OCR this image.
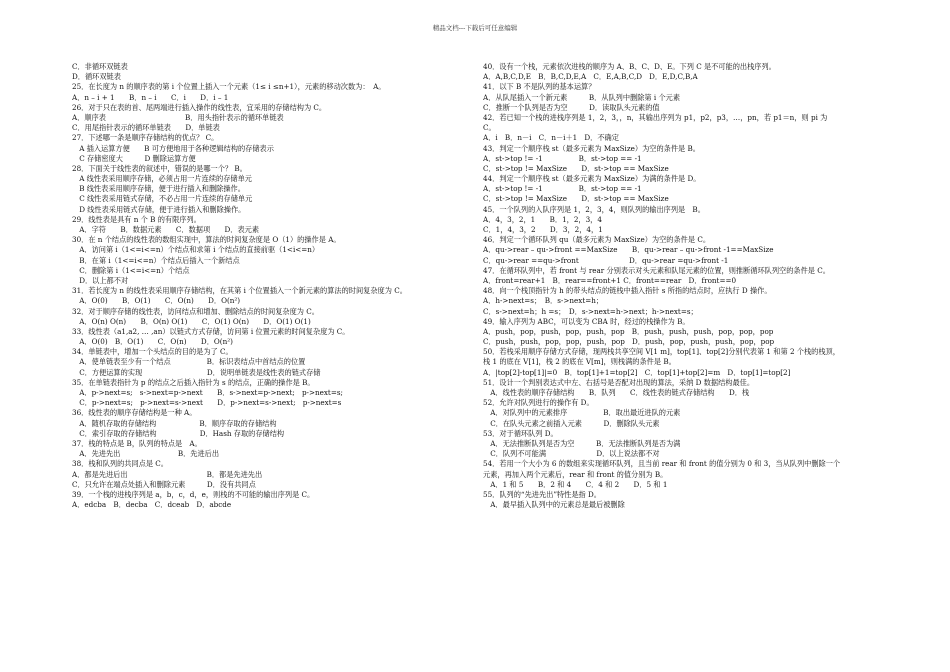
精品文档---下载后可任意编辑
C．非循环双链表
D．循环双链表
25．在长度为 n 的顺序表的第 i 个位置上插入一个元素（1≤ i ≤n+1），元素的移动次数为：　A。
A．n – i + 1　　B．n – i　　C．i　　D．i – 1
26．对于只在表的首、尾两端进行插入操作的线性表，宜采用的存储结构为 C。
A．顺序表　　　　　　　　　　　B．用头指针表示的循环单链表
C．用尾指针表示的循环单链表　　D．单链表
27．下述哪一条是顺序存储结构的优点？ C。
　A 插入运算方便　　B 可方便地用于各种逻辑结构的存储表示
　C 存储密度大　　　D 删除运算方便
28．下面关于线性表的叙述中，错误的是哪一个？ B。
　A 线性表采用顺序存储，必须占用一片连续的存储单元
　B 线性表采用顺序存储，便于进行插入和删除操作。
　C 线性表采用链式存储，不必占用一片连续的存储单元
　D 线性表采用链式存储，便于进行插入和删除操作。
29．线性表是具有 n 个 B 的有限序列。
　A．字符　　B．数据元素　　C．数据项　　D．表元素
30．在 n 个结点的线性表的数组实现中，算法的时间复杂度是 O（1）的操作是 A。
　A．访问第 i（1<=i<=n）个结点和求第 i 个结点的直接前驱（1<i<=n）
　B．在第 i（1<=i<=n）个结点后插入一个新结点
　C．删除第 i（1<=i<=n）个结点
　D．以上都不对
31．若长度为 n 的线性表采用顺序存储结构，在其第 i 个位置插入一个新元素的算法的时间复杂度为 C。
　A．O(0)　　B．O(1)　　C．O(n)　　D．O(n²)
32．对于顺序存储的线性表，访问结点和增加、删除结点的时间复杂度为 C。
　A．O(n) O(n)　　B．O(n) O(1)　　C．O(1) O(n)　　D．O(1) O(1)
33．线性表（a1,a2, … ,an）以链式方式存储，访问第 i 位置元素的时间复杂度为 C。
　A．O(0)　B．O(1)　　C．O(n)　　D．O(n²)
34．单链表中，增加一个头结点的目的是为了 C。
　A．使单链表至少有一个结点　　　　　B．标识表结点中首结点的位置
　C．方便运算的实现　　　　　　　　　D．说明单链表是线性表的链式存储
35．在单链表指针为 p 的结点之后插入指针为 s 的结点，正确的操作是 B。
　A．p->next=s;　s->next=p->next　　B．s->next=p->next;　p->next=s;
　C．p->next=s;　p->next=s->next　　D．p->next=s->next;　p->next=s
36．线性表的顺序存储结构是一种 A。
　A．随机存取的存储结构　　　　　　B．顺序存取的存储结构
　C．索引存取的存储结构　　　　　　D．Hash 存取的存储结构
37．栈的特点是 B，队列的特点是　A。
　A．先进先出　　　　　　　　B．先进后出
38．栈和队列的共同点是 C。
A．都是先进后出　　　　　　　　　　　B．都是先进先出
C．只允许在端点处插入和删除元素　　　D．没有共同点
39．一个栈的进栈序列是 a，b，c，d，e，则栈的不可能的输出序列是 C。
A．edcba　B．decba　C．dceab　D．abcde
40．设有一个栈，元素依次进栈的顺序为 A、B、C、D、E。下列 C 是不可能的出栈序列。
A．A,B,C,D,E　B．B,C,D,E,A　C．E,A,B,C,D　D．E,D,C,B,A
41．以下 B 不是队列的基本运算？
A．从队尾插入一个新元素　　　B．从队列中删除第 i 个元素
C．推断一个队列是否为空　　　D．读取队头元素的值
42．若已知一个栈的进栈序列是 1，2，3，，n，其输出序列为 p1，p2，p3，…，pn，若 p1＝n，则 pi 为
C。
A．i　B．n－i　C．n－i＋1　D．不确定
43．判定一个顺序栈 st（最多元素为 MaxSize）为空的条件是 B。
A．st->top != -1　　　　　B．st->top == -1
C．st->top != MaxSize　　D．st->top == MaxSize
44．判定一个顺序栈 st（最多元素为 MaxSize）为满的条件是 D。
A．st->top != -1　　　　　B．st->top == -1
C．st->top != MaxSize　　D．st->top == MaxSize
45．一个队列的入队序列是 1，2，3，4，则队列的输出序列是　B。
A．4，3，2，1　　B．1，2，3，4
C．1，4，3，2　　D．3，2，4，1
46．判定一个循环队列 qu（最多元素为 MaxSize）为空的条件是 C。
A．qu->rear – qu->front ==MaxSize　　B．qu->rear – qu->front -1==MaxSize
C．qu->rear ==qu->front　　　　　　　D．qu->rear =qu->front -1
47．在循环队列中，若 front 与 rear 分别表示对头元素和队尾元素的位置，则推断循环队列空的条件是 C。
A．front=rear+1　B．rear==front+1 C．front==rear　D．front==0
48．向一个栈顶指针为 h 的带头结点的链栈中插入指针 s 所指的结点时，应执行 D 操作。
A．h->next=s；　B．s->next=h；
C．s->next=h；h =s；　D．s->next=h->next；h->next=s；
49．输入序列为 ABC，可以变为 CBA 时，经过的栈操作为 B。
A．push，pop，push，pop，push，pop　B．push，push，push，pop，pop，pop
C．push，push，pop，pop，push，pop　D．push，pop，push，push，pop，pop
50．若栈采用顺序存储方式存储，现两栈共享空间 V[1 m]，top[1]、top[2]分别代表第 1 和第 2 个栈的栈顶，
栈 1 的底在 V[1]，栈 2 的底在 V[m]，则栈满的条件是 B。
A．|top[2]-top[1]|=0　B．top[1]+1=top[2]　C．top[1]+top[2]=m　D．top[1]=top[2]
51．设计一个判别表达式中左、右括号是否配对出现的算法，采纳 D 数据结构最佳。
　A．线性表的顺序存储结构　　B．队列　　C．线性表的链式存储结构　　D．栈
52．允许对队列进行的操作有 D。
　A．对队列中的元素排序　　　　　B．取出最近进队的元素
　C．在队头元素之前插入元素　　　D．删除队头元素
53．对于循环队列 D。
　A．无法推断队列是否为空　　　B．无法推断队列是否为满
　C．队列不可能满　　　　　　　D．以上说法都不对
54．若用一个大小为 6 的数组来实现循环队列，且当前 rear 和 front 的值分别为 0 和 3，当从队列中删除一个
元素，再加入两个元素后，rear 和 front 的值分别为 B。
　A．1 和 5　　B．2 和 4　　C．4 和 2　　D．5 和 1
55．队列的“先进先出”特性是指 D。
　A．最早插入队列中的元素总是最后被删除
